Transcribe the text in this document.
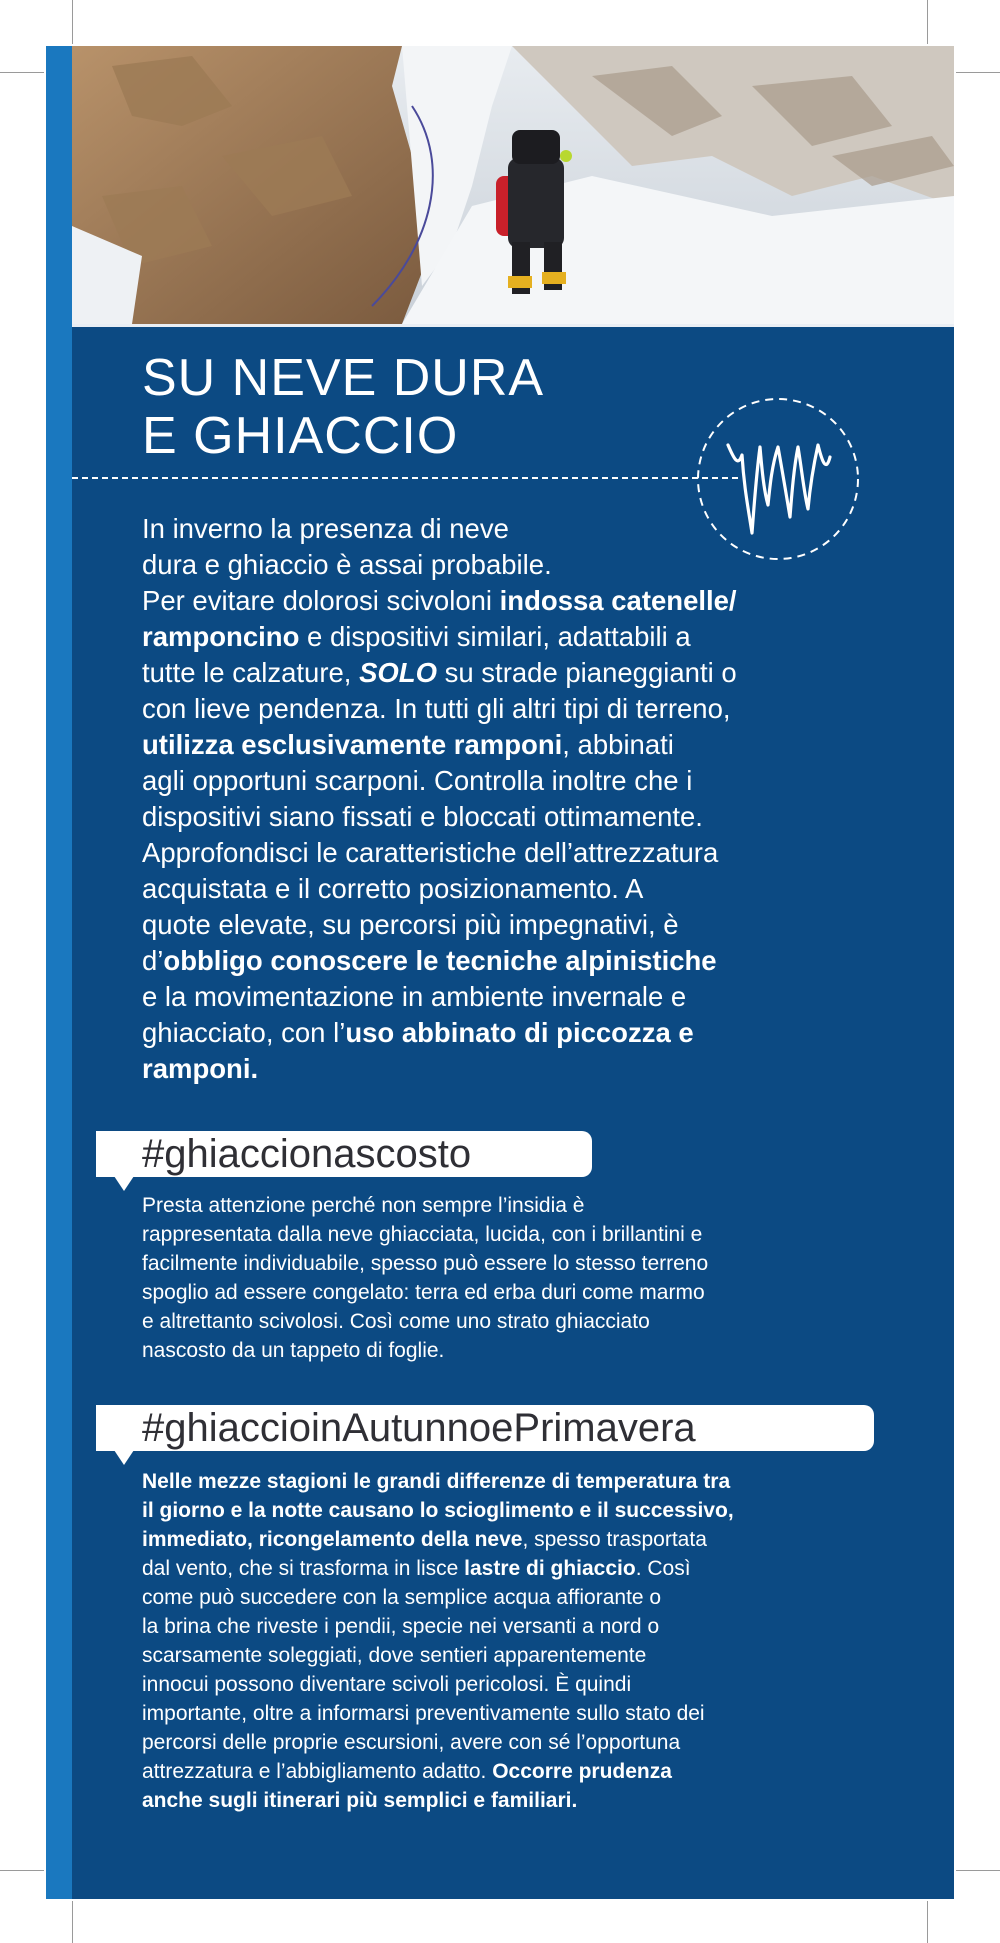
SU NEVE DURA
E GHIACCIO

In inverno la presenza di neve
dura e ghiaccio è assai probabile.
Per evitare dolorosi scivoloni indossa catenelle/
ramponcino e dispositivi similari, adattabili a
tutte le calzature, SOLO su strade pianeggianti o
con lieve pendenza. In tutti gli altri tipi di terreno,
utilizza esclusivamente ramponi, abbinati
agli opportuni scarponi. Controlla inoltre che i
dispositivi siano fissati e bloccati ottimamente.
Approfondisci le caratteristiche dell’attrezzatura
acquistata e il corretto posizionamento. A
quote elevate, su percorsi più impegnativi, è
d’obbligo conoscere le tecniche alpinistiche
e la movimentazione in ambiente invernale e
ghiacciato, con l’uso abbinato di piccozza e
ramponi.

#ghiaccionascosto

Presta attenzione perché non sempre l’insidia è
rappresentata dalla neve ghiacciata, lucida, con i brillantini e
facilmente individuabile, spesso può essere lo stesso terreno
spoglio ad essere congelato: terra ed erba duri come marmo
e altrettanto scivolosi. Così come uno strato ghiacciato
nascosto da un tappeto di foglie.

#ghiaccioinAutunnoePrimavera

Nelle mezze stagioni le grandi differenze di temperatura tra
il giorno e la notte causano lo scioglimento e il successivo,
immediato, ricongelamento della neve, spesso trasportata
dal vento, che si trasforma in lisce lastre di ghiaccio. Così
come può succedere con la semplice acqua affiorante o
la brina che riveste i pendii, specie nei versanti a nord o
scarsamente soleggiati, dove sentieri apparentemente
innocui possono diventare scivoli pericolosi. È quindi
importante, oltre a informarsi preventivamente sullo stato dei
percorsi delle proprie escursioni, avere con sé l’opportuna
attrezzatura e l’abbigliamento adatto. Occorre prudenza
anche sugli itinerari più semplici e familiari.
